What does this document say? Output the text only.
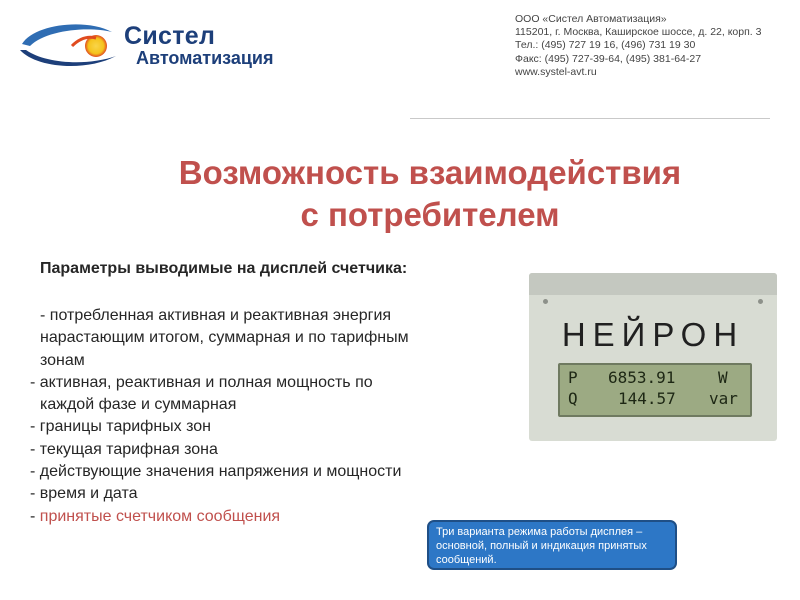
Систел
Автоматизация
ООО «Систел Автоматизация»
115201, г. Москва, Каширское шоссе, д. 22, корп. 3
Тел.: (495) 727 19 16, (496) 731 19 30
Факс: (495) 727-39-64, (495) 381-64-27
www.systel-avt.ru
Возможность взаимодействия
с потребителем
Параметры выводимые на дисплей счетчика:

- потребленная активная и реактивная энергия

нарастающим итогом, суммарная и по тарифным

зонам

- активная, реактивная и полная мощность по

каждой фазе и суммарная

- границы тарифных зон

- текущая тарифная зона

- действующие значения напряжения и мощности

- время и дата

- принятые счетчиком сообщения

НЕЙРОН

P

6853.91

	W

Q

	144.57

var

Три варианта режима работы дисплея – основной, полный и индикация принятых сообщений.
